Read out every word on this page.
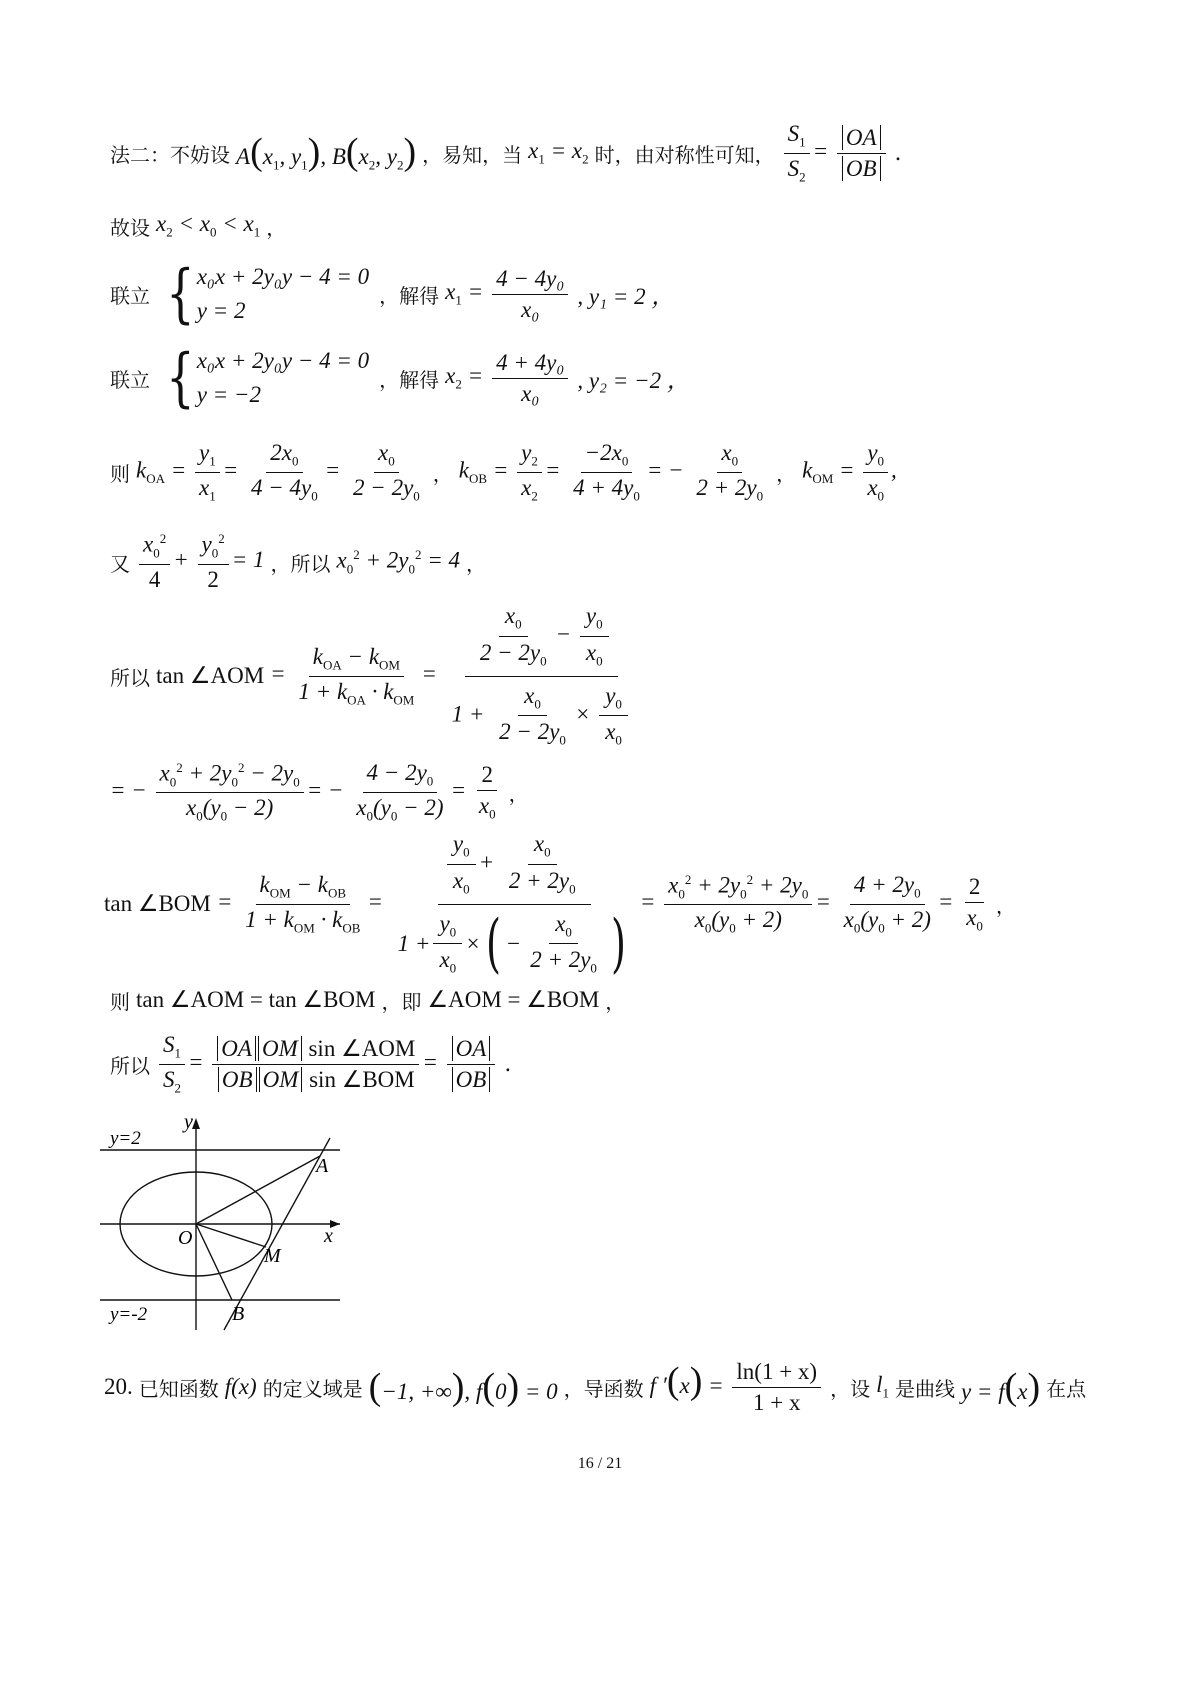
法二：不妨设 $A(x_1$, $y_1$), $B(x_2$, $y_2$) ，易知，当 $x_1 = x_2$ 时，由对称性可知， $\frac{S_1}{S_2} = \frac{OA}{OB}$ .
故设 $x_2 < x_0 < x_1$ ，
联立 { x₀x + 2y₀y − 4 = 0
y = 2
，解得 $x_1 = \frac{\text{4 − 4y₀}}{\text{x₀}}$ , y₁ = 2 ，
联立 { x₀x + 2y₀y − 4 = 0
y = −2
，解得 $x_2 = \frac{\text{4 + 4y₀}}{\text{x₀}}$ , y₂ = −2 ，
则 $k_{OA} = \frac{y_1}{x_1} = \frac{2x_0}{4 - 4y_0} = \frac{x_0}{2 - 2y_0}$ ， $k_{OB} = \frac{y_2}{x_2} = \frac{-2x_0}{4 + 4y_0}$ = − $\frac{x_0}{2 + 2y_0}$ ， $k_{OM} = \frac{y_0}{x_0}$ ,
又 $\frac{x_0^2}{4} + \frac{y_0^2}{2} = 1$ ，所以 $x_0^2 + 2y_0^2 = 4$ ，
所以 tan ∠AOM = $\frac{k_{OA} - k_{OM}}{1 + k_{OA} \cdot k_{OM}} = \frac{\frac{x_0}{2 - 2y_0} - \frac{y_0}{x_0}}{1 + \frac{x_0}{2 - 2y_0} \times \frac{y_0}{x_0}}$
= − $\frac{x_0^2 + 2y_0^2 - 2y_0}{x_0(y_0 - 2)}$ = − $\frac{4 - 2y_0}{x_0(y_0 - 2)} = \frac{2}{x_0}$ ，
tan ∠BOM = $\frac{k_{OM} - k_{OB}}{1 + k_{OM} \cdot k_{OB}} = \frac{\frac{y_0}{x_0} + \frac{x_0}{2 + 2y_0}}{1 + \frac{y_0}{x_0} \times ( - \frac{x_0}{2 + 2y_0} )} = \frac{x_0^2 + 2y_0^2 + 2y_0}{x_0(y_0 + 2)} = \frac{4 + 2y_0}{x_0(y_0 + 2)} = \frac{2}{x_0}$ ，
则 tan ∠AOM = tan ∠BOM ，即 ∠AOM = ∠BOM ，
所以 $\frac{S_1}{S_2} = \frac{\text{OA OM sin ∠AOM}}{\text{OB OM sin ∠BOM}} = \frac{OA}{OB}$ .
y
x
y=2
y=-2
O
A
B
M
20. 已知函数 f(x) 的定义域是 (−1, +∞), f(0) = 0 ，导函数 f $'(x) = \frac{\ln(1 + x)}{1 + x}$ ，设 $l_1$ 是曲线 y = f(x) 在点
16 / 21
